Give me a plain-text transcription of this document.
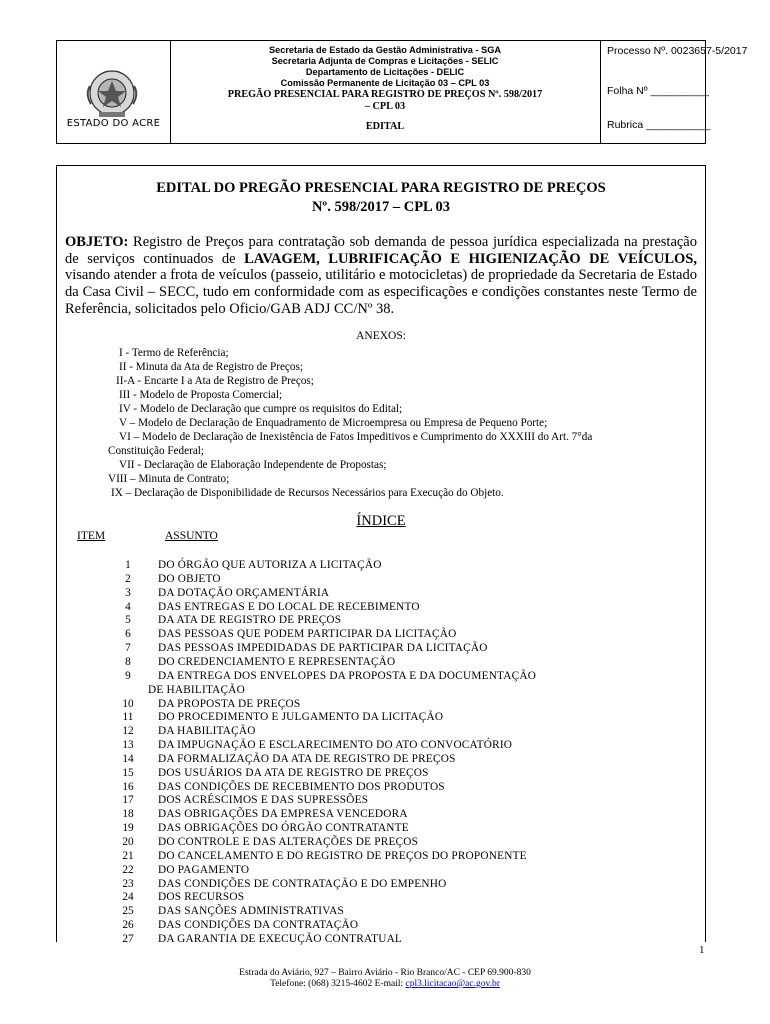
ESTADO DO ACRE
Secretaria de Estado da Gestão Administrativa - SGA
Secretaria Adjunta de Compras e Licitações - SELIC
Departamento de Licitações - DELIC
Comissão Permanente de Licitação 03 – CPL 03
PREGÃO PRESENCIAL PARA REGISTRO DE PREÇOS Nº. 598/2017
– CPL 03
EDITAL
Processo Nº. 0023657-5/2017
Folha Nº __________
Rubrica ___________
EDITAL DO PREGÃO PRESENCIAL PARA REGISTRO DE PREÇOS
Nº. 598/2017 – CPL 03
OBJETO: Registro de Preços para contratação sob demanda de pessoa jurídica especializada na prestação de serviços continuados de LAVAGEM, LUBRIFICAÇÃO E HIGIENIZAÇÃO DE VEÍCULOS, visando atender a frota de veículos (passeio, utilitário e motocicletas) de propriedade da Secretaria de Estado da Casa Civil – SECC, tudo em conformidade com as especificações e condições constantes neste Termo de Referência, solicitados pelo Oficio/GAB ADJ CC/Nº 38.
ANEXOS:
I - Termo de Referência;
II - Minuta da Ata de Registro de Preços;
II-A - Encarte I a Ata de Registro de Preços;
III - Modelo de Proposta Comercial;
IV - Modelo de Declaração que cumpre os requisitos do Edital;
V – Modelo de Declaração de Enquadramento de Microempresa ou Empresa de Pequeno Porte;
VI – Modelo de Declaração de Inexistência de Fatos Impeditivos e Cumprimento do XXXIII do Art. 7°da
Constituição Federal;
VII - Declaração de Elaboração Independente de Propostas;
VIII – Minuta de Contrato;
IX – Declaração de Disponibilidade de Recursos Necessários para Execução do Objeto.
ÍNDICE
ITEM	ASSUNTO
1	DO ÓRGÃO QUE AUTORIZA A LICITAÇÃO
2	DO OBJETO
3	DA DOTAÇÃO ORÇAMENTÁRIA
4	DAS ENTREGAS E DO LOCAL DE RECEBIMENTO
5	DA ATA DE REGISTRO DE PREÇOS
6	DAS PESSOAS QUE PODEM PARTICIPAR DA LICITAÇÃO
7	DAS PESSOAS IMPEDIDADAS DE PARTICIPAR DA LICITAÇÃO
8	DO CREDENCIAMENTO E REPRESENTAÇÃO
9	DA ENTREGA DOS ENVELOPES DA PROPOSTA E DA DOCUMENTAÇÃO
DE HABILITAÇÃO
10	DA PROPOSTA DE PREÇOS
11	DO PROCEDIMENTO E JULGAMENTO DA LICITAÇÃO
12	DA HABILITAÇÃO
13	DA IMPUGNAÇÃO E ESCLARECIMENTO DO ATO CONVOCATÓRIO
14	DA FORMALIZAÇÃO DA ATA DE REGISTRO DE PREÇOS
15	DOS USUÁRIOS DA ATA DE REGISTRO DE PREÇOS
16	DAS CONDIÇÕES DE RECEBIMENTO DOS PRODUTOS
17	DOS ACRÉSCIMOS E DAS SUPRESSÕES
18	DAS OBRIGAÇÕES DA EMPRESA VENCEDORA
19	DAS OBRIGAÇÕES DO ÓRGÃO CONTRATANTE
20	DO CONTROLE E DAS ALTERAÇÕES DE PREÇOS
21	DO CANCELAMENTO E DO REGISTRO DE PREÇOS DO PROPONENTE
22	DO PAGAMENTO
23	DAS CONDIÇÕES DE CONTRATAÇÃO E DO EMPENHO
24	DOS RECURSOS
25	DAS SANÇÕES ADMINISTRATIVAS
26	DAS CONDIÇÕES DA CONTRATAÇÃO
27	DA GARANTIA DE EXECUÇÃO CONTRATUAL
1
Estrada do Aviário, 927 – Bairro Aviário - Rio Branco/AC - CEP 69.900-830
Telefone: (068) 3215-4602 E-mail: cpl3.licitacao@ac.gov.br
